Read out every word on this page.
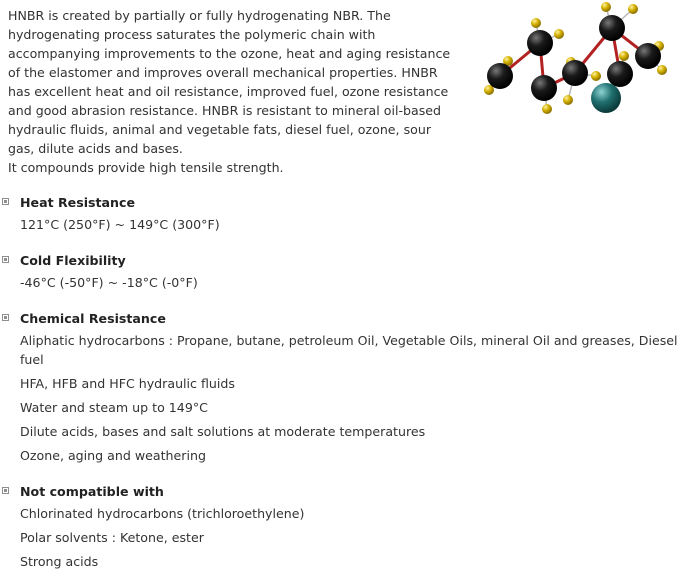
HNBR is created by partially or fully hydrogenating NBR. The
hydrogenating process saturates the polymeric chain with
accompanying improvements to the ozone, heat and aging resistance
of the elastomer and improves overall mechanical properties. HNBR
has excellent heat and oil resistance, improved fuel, ozone resistance
and good abrasion resistance. HNBR is resistant to mineral oil-based
hydraulic fluids, animal and vegetable fats, diesel fuel, ozone, sour
gas, dilute acids and bases.
It compounds provide high tensile strength.
Heat Resistance
121°C (250°F) ~ 149°C (300°F)
Cold Flexibility
-46°C (-50°F) ~ -18°C (-0°F)
Chemical Resistance
Aliphatic hydrocarbons : Propane, butane, petroleum Oil, Vegetable Oils, mineral Oil and greases, Diesel fuel
HFA, HFB and HFC hydraulic fluids
Water and steam up to 149°C
Dilute acids, bases and salt solutions at moderate temperatures
Ozone, aging and weathering
Not compatible with
Chlorinated hydrocarbons (trichloroethylene)
Polar solvents : Ketone, ester
Strong acids
